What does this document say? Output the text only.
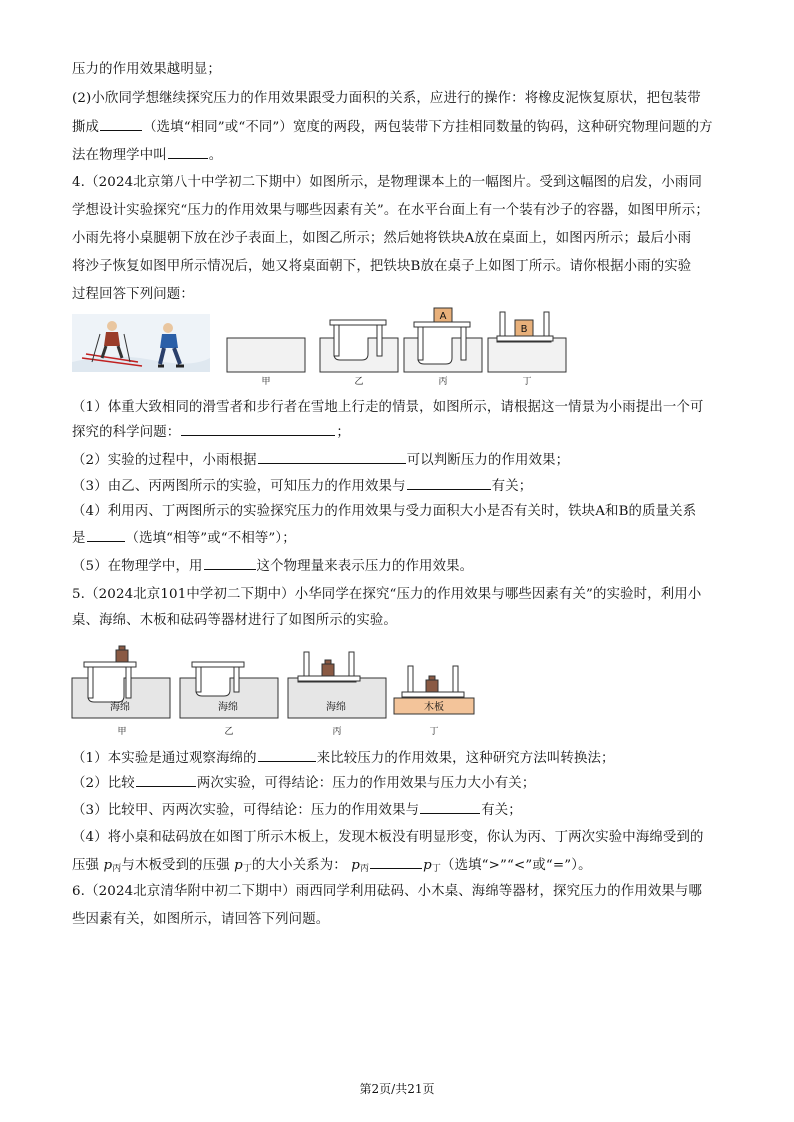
压力的作用效果越明显；
(2)小欣同学想继续探究压力的作用效果跟受力面积的关系，应进行的操作：将橡皮泥恢复原状，把包装带
撕成	（选填“相同”或“不同”）宽度的两段，两包装带下方挂相同数量的钩码，这种研究物理问题的方
法在物理学中叫	。
4.（2024北京第八十中学初二下期中）如图所示，是物理课本上的一幅图片。受到这幅图的启发，小雨同
学想设计实验探究“压力的作用效果与哪些因素有关”。在水平台面上有一个装有沙子的容器，如图甲所示；
小雨先将小桌腿朝下放在沙子表面上，如图乙所示；然后她将铁块A放在桌面上，如图丙所示；最后小雨
将沙子恢复如图甲所示情况后，她又将桌面朝下，把铁块B放在桌子上如图丁所示。请你根据小雨的实验
过程回答下列问题：
甲	乙
A
丙
B
丁
（1）体重大致相同的滑雪者和步行者在雪地上行走的情景，如图所示，请根据这一情景为小雨提出一个可
探究的科学问题：	；
（2）实验的过程中，小雨根据	可以判断压力的作用效果；
（3）由乙、丙两图所示的实验，可知压力的作用效果与	有关；
（4）利用丙、丁两图所示的实验探究压力的作用效果与受力面积大小是否有关时，铁块A和B的质量关系
是	（选填“相等”或“不相等”）；
（5）在物理学中，用	这个物理量来表示压力的作用效果。
5.（2024北京101中学初二下期中）小华同学在探究“压力的作用效果与哪些因素有关”的实验时，利用小
桌、海绵、木板和砝码等器材进行了如图所示的实验。
海绵
甲
海绵
乙
海绵
丙
木板
丁
（1）本实验是通过观察海绵的	来比较压力的作用效果，这种研究方法叫转换法；
（2）比较	两次实验，可得结论：压力的作用效果与压力大小有关；
（3）比较甲、丙两次实验，可得结论：压力的作用效果与	有关；
（4）将小桌和砝码放在如图丁所示木板上，发现木板没有明显形变，你认为丙、丁两次实验中海绵受到的
压强 $p_丙$与木板受到的压强 $p_丁$的大小关系为： $p_丙$	$p_丁$（选填“>”“<”或“=”）。
6.（2024北京清华附中初二下期中）雨西同学利用砝码、小木桌、海绵等器材，探究压力的作用效果与哪
些因素有关，如图所示，请回答下列问题。
第2页/共21页
